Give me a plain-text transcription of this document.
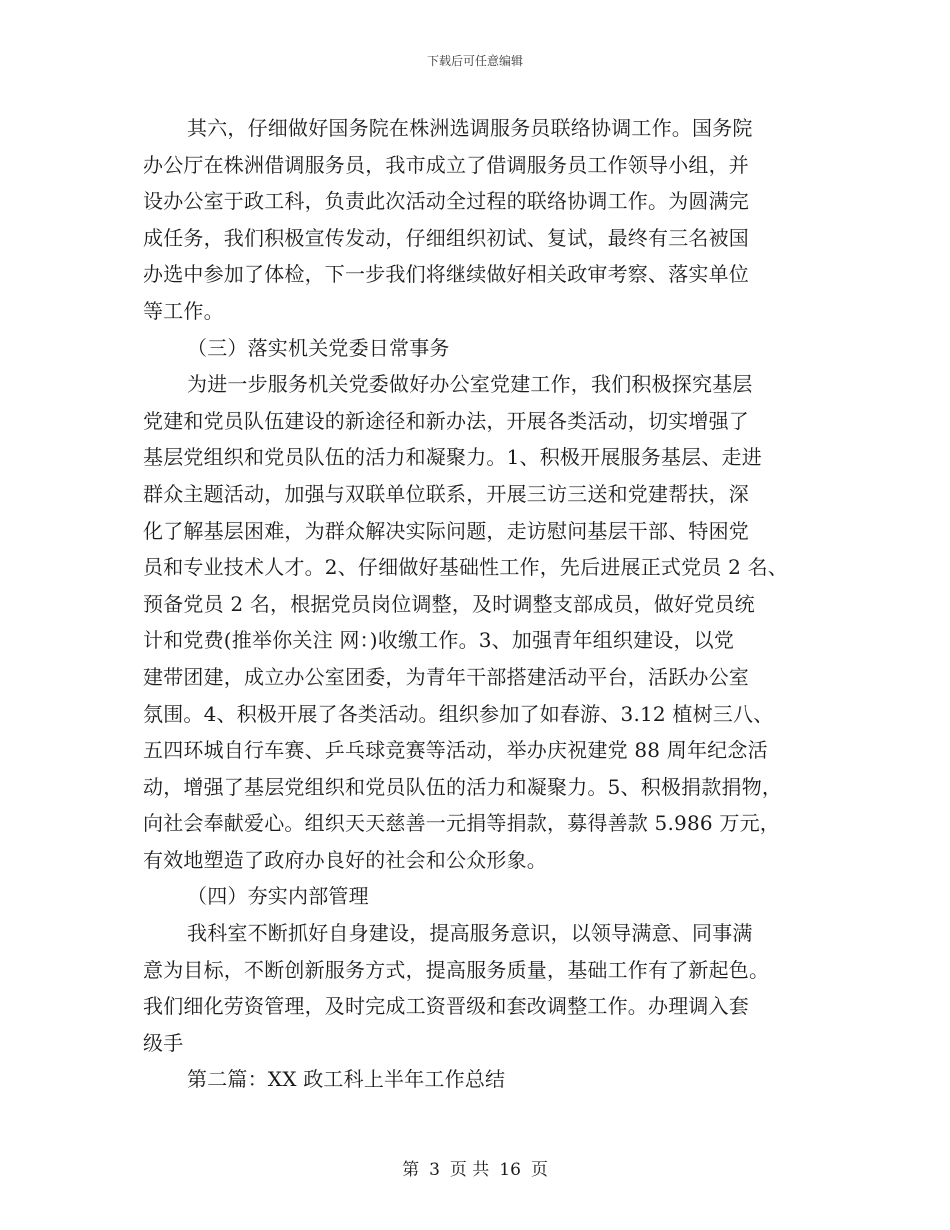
下载后可任意编辑
其六，仔细做好国务院在株洲选调服务员联络协调工作。国务院
办公厅在株洲借调服务员，我市成立了借调服务员工作领导小组，并
设办公室于政工科，负责此次活动全过程的联络协调工作。为圆满完
成任务，我们积极宣传发动，仔细组织初试、复试，最终有三名被国
办选中参加了体检，下一步我们将继续做好相关政审考察、落实单位
等工作。
（三）落实机关党委日常事务
为进一步服务机关党委做好办公室党建工作，我们积极探究基层
党建和党员队伍建设的新途径和新办法，开展各类活动，切实增强了
基层党组织和党员队伍的活力和凝聚力。1、积极开展服务基层、走进
群众主题活动，加强与双联单位联系，开展三访三送和党建帮扶，深
化了解基层困难，为群众解决实际问题，走访慰问基层干部、特困党
员和专业技术人才。2、仔细做好基础性工作，先后进展正式党员 2 名、
预备党员 2 名，根据党员岗位调整，及时调整支部成员，做好党员统
计和党费(推举你关注 网：)收缴工作。3、加强青年组织建设，以党
建带团建，成立办公室团委，为青年干部搭建活动平台，活跃办公室
氛围。4、积极开展了各类活动。组织参加了如春游、3.12 植树三八、
五四环城自行车赛、乒乓球竞赛等活动，举办庆祝建党 88 周年纪念活
动，增强了基层党组织和党员队伍的活力和凝聚力。5、积极捐款捐物，
向社会奉献爱心。组织天天慈善一元捐等捐款，募得善款 5.986 万元，
有效地塑造了政府办良好的社会和公众形象。
（四）夯实内部管理
我科室不断抓好自身建设，提高服务意识，以领导满意、同事满
意为目标，不断创新服务方式，提高服务质量，基础工作有了新起色。
我们细化劳资管理，及时完成工资晋级和套改调整工作。办理调入套
级手
第二篇：XX 政工科上半年工作总结
第 3 页 共 16 页
